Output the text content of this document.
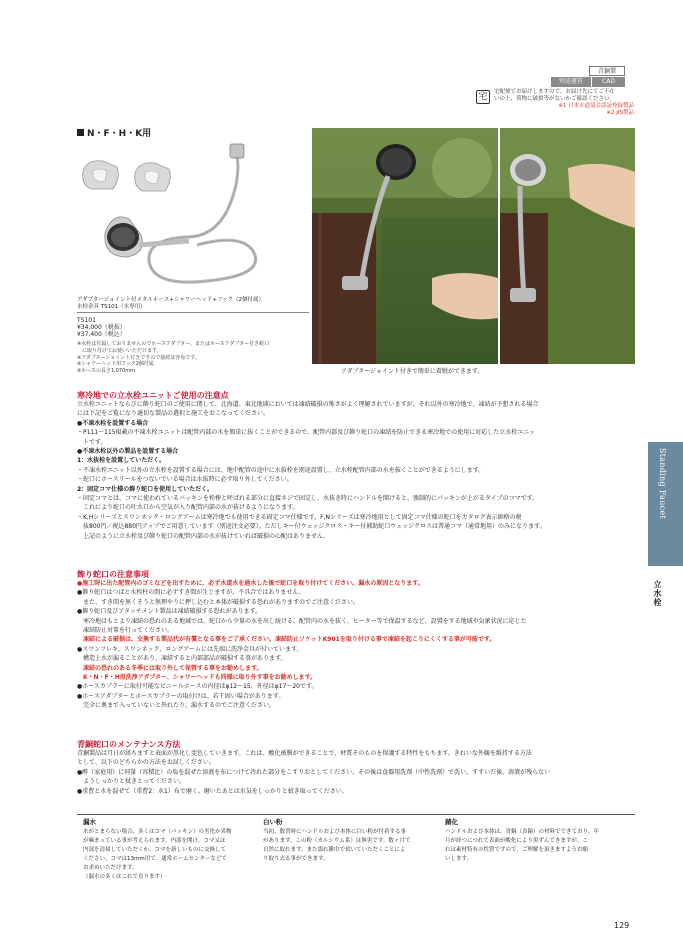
青銅製
別途運賃	CAD
宅	宅配便でお届けしますので、お届け先にてご不在
いの上、荷物に破損等がないかご確認ください。
※1 日本水道協会認証登録製品
※2 JIS製品
N・F・H・K用
アダプタージョイント付メタルホース+シャワーヘッド+フック（2個付属）
水栓金具 TS101（水専用）
TS101
¥34,000（税抜）
¥37,400（税込）
※水栓は付属しておりませんのでホースアダプター、またはホースアダプター付き蛇口
　に取り付けてお使いいただけます。
※アダプタージョイント付きですので接続は容易です。
※シャワーヘッド用フック2個付属
※ホースの長さ1,070mm	アダプタージョイント付きで簡単に着脱ができます。
寒冷地での立水栓ユニットご使用の注意点

立水栓ユニットならびに飾り蛇口のご使用に関して、北海道、東北地域においては凍結破損の怖さがよく理解されていますが、それ以外の寒冷地で、凍結が予想される場合

には下記をご覧になり適切な製品の選択と施工をおこなってください。

●不凍水栓を設置する場合

・P111～115掲載の不凍水栓ユニットは配管内部の水を簡単に抜くことができるので、配管内部及び飾り蛇口の凍結を防止できる寒冷地での使用に対応した立水栓ユニッ

　トです。

●不凍水栓以外の製品を設置する場合

1：水抜栓を設置していただく。

・不凍水栓ユニット以外の立水栓を設置する場合には、地中配管の途中に水抜栓を別途設置し、立水栓配管内部の水を抜くことができるようにします。

・蛇口にホースリールをつないでいる場合は水抜時に必ず取り外してください。

2：固定コマ仕様の飾り蛇口を使用していただく。

・固定コマとは、コマに使われているパッキンを栓棒と呼ばれる部分に直接ネジで固定し、水抜き時にハンドルを開けると、強制的にパッキンが上がるタイプのコマです。

　これにより蛇口の吐水口から空気が入り配管内部の水が抜けるようになります。

・K,Hシリーズとスワンネック・ロングアームは寒冷地でも使用できる固定コマ仕様です。F,Nシリーズは寒冷地用として固定コマ仕様の蛇口をカタログ表示価格の税

　抜800円／税込880円アップでご用意しています（別途注文必要）。ただしキー付ウェッジクロス・キー付補助蛇口ウェッジクロスは普通コマ（通常地用）のみになります。

　上記のように立水栓及び飾り蛇口の配管内部の水が抜けていれば破損の心配はありません。

飾り蛇口の注意事項

●施工時に出た配管内のゴミなどを出すために、必ず水道水を通水した後で蛇口を取り付けてください。漏水の原因となります。

●飾り蛇口はつばと水栓柱の間に必ずすき間が生じますが、不具合ではありません。

　また、すき間を無くそうと無理やりに押し込むと本体が破損する恐れがありますのでご注意ください。

●飾り蛇口及びアタッチメント製品は凍結破損する恐れがあります。

　寒冷地はもとより凍結の恐れのある地域では、蛇口から少量の水を出し続ける、配管内の水を抜く、ヒーター等で保温するなど、設置をする地域や気象状況に応じた

　凍結防止対策を行ってください。

　凍結による破損は、交換する製品代が有償となる事をご了承ください。凍結防止ソケットK901を取り付ける事で凍結を起こりにくくする事が可能です。

●スワンフレキ、スワンネック、ロングアームには先端に洗浄金具が付いています。

　構造上水が漏ることがあり、凍結すると内部部品が破損する事があります。

　凍結の恐れのある冬季には取り外して保管する事をお勧めします。

　K・N・F・H用洗浄アダプター、シャワーヘッドも同様に取り外す事をお勧めします。

●ホースカプラーに取付可能なビニールホースの内径はφ12～15、外径はφ17～20です。

●ホースアダプターとホースカプラーの取付けは、若干固い場合があります。

　完全に奥まで入っていないと外れたり、漏水するのでご注意ください。

青銅蛇口のメンテナンス方法

青銅製品は月日が経ちますと表面が黒化し変色していきます。これは、酸化被膜ができることで、材質そのものを保護する特性をもちます。きれいな外観を維持する方法

として、以下のどちらかの方法をお試しください。

●酢（家庭用）に同量（容積比）の塩を混ぜた溶液を布につけて汚れた部分をこすりおとしてください。その後は食器用洗剤（中性洗剤）で洗い、すすいだ後、溶液が残らない

　ようしっかりと拭きとってください。

●重曹と水を混ぜて（重曹2：水1）布で磨く。磨いたあとは水気をしっかりと拭き取ってください。

漏水
水がとまらない場合、多くはコマ（パッキン）の劣化か異物
が噛まっている事が考えられます。内部を開け、コマ又は
内部を清掃していただくか、コマを新しいものに交換して
ください。コマは13mm用で、通常ホームセンターなどで
お求めいただけます。
（漏水の多くはこれで直ります）
白い粉
当初、数習時にハンドルおよび本体に白い粉が付着する事
があります。この粉（カルシウム系）は無害です。数ヶ月で
自然に取れます。また濡れ雑巾で拭いていただくことによ
り取り去る事ができます。
錆化
ハンドルおよび本体は、青銅（真鍮）の材料でできており、年
月が経つにつれて表面が酸化により黒ずんできますが、こ
れは素材特有の性質ですので、ご理解を頂きますようお願
いします。
Standing Faucet
立水栓
129
